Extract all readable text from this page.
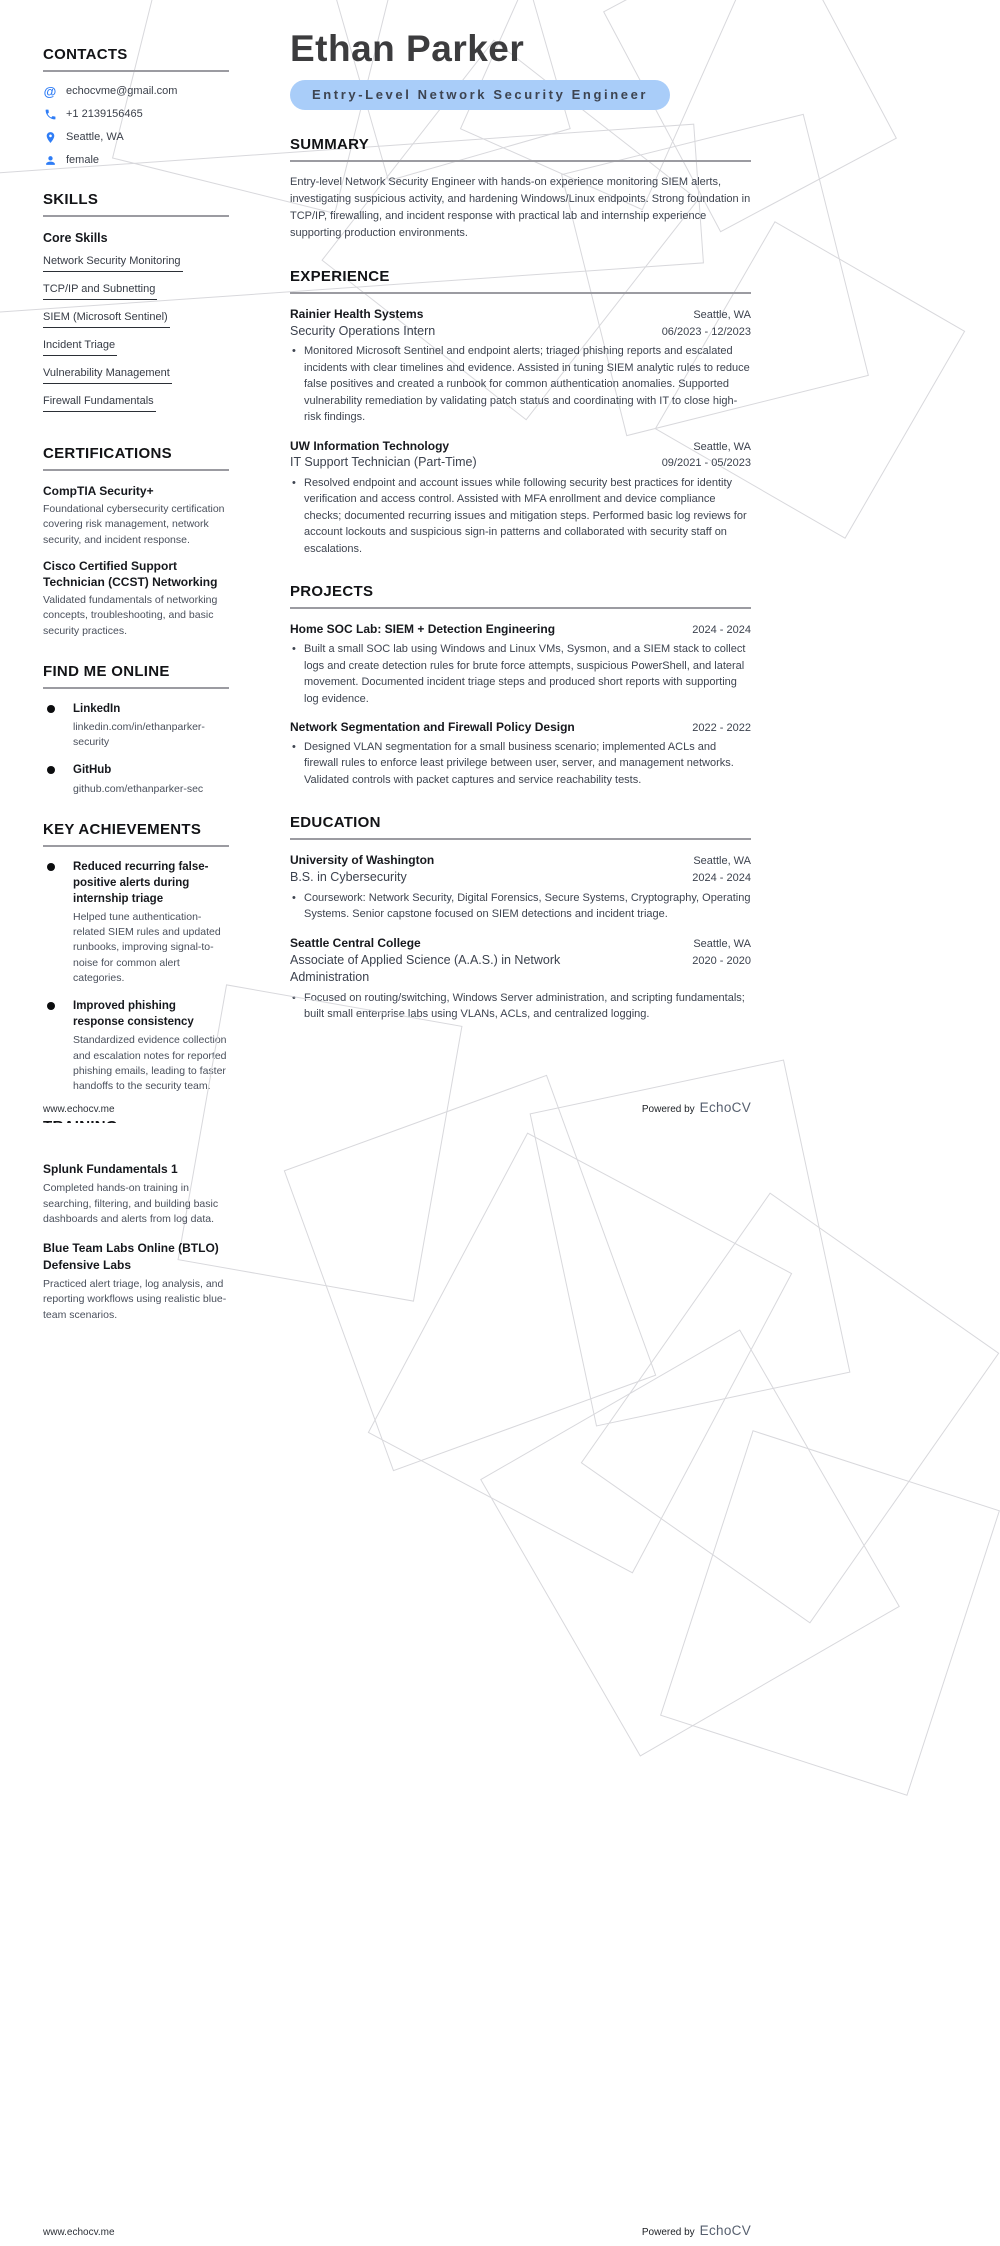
CONTACTS
@ echocvme@gmail.com
+1 2139156465
Seattle, WA
female
SKILLS
Core Skills
Network Security Monitoring
TCP/IP and Subnetting
SIEM (Microsoft Sentinel)
Incident Triage
Vulnerability Management
Firewall Fundamentals
CERTIFICATIONS
CompTIA Security+
Foundational cybersecurity certification covering risk management, network security, and incident response.
Cisco Certified Support Technician (CCST) Networking
Validated fundamentals of networking concepts, troubleshooting, and basic security practices.
FIND ME ONLINE
LinkedIn
linkedin.com/in/ethanparker-security
GitHub
github.com/ethanparker-sec
KEY ACHIEVEMENTS
Reduced recurring false-positive alerts during internship triage
Helped tune authentication-related SIEM rules and updated runbooks, improving signal-to-noise for common alert categories.
Improved phishing response consistency
Standardized evidence collection and escalation notes for reported phishing emails, leading to faster handoffs to the security team.
Ethan Parker
Entry-Level Network Security Engineer
SUMMARY

Entry-level Network Security Engineer with hands-on experience monitoring SIEM alerts, investigating suspicious activity, and hardening Windows/Linux endpoints. Strong foundation in TCP/IP, firewalling, and incident response with practical lab and internship experience supporting production environments.

EXPERIENCE
Rainier Health Systems	Seattle, WA
Security Operations Intern	06/2023 - 12/2023
• Monitored Microsoft Sentinel and endpoint alerts; triaged phishing reports and escalated incidents with clear timelines and evidence. Assisted in tuning SIEM analytic rules to reduce false positives and created a runbook for common authentication anomalies. Supported vulnerability remediation by validating patch status and coordinating with IT to close high-risk findings.
UW Information Technology	Seattle, WA
IT Support Technician (Part-Time)	09/2021 - 05/2023
• Resolved endpoint and account issues while following security best practices for identity verification and access control. Assisted with MFA enrollment and device compliance checks; documented recurring issues and mitigation steps. Performed basic log reviews for account lockouts and suspicious sign-in patterns and collaborated with security staff on escalations.
PROJECTS
Home SOC Lab: SIEM + Detection Engineering	2024 - 2024
• Built a small SOC lab using Windows and Linux VMs, Sysmon, and a SIEM stack to collect logs and create detection rules for brute force attempts, suspicious PowerShell, and lateral movement. Documented incident triage steps and produced short reports with supporting log evidence.
Network Segmentation and Firewall Policy Design	2022 - 2022
• Designed VLAN segmentation for a small business scenario; implemented ACLs and firewall rules to enforce least privilege between user, server, and management networks. Validated controls with packet captures and service reachability tests.
EDUCATION
University of Washington	Seattle, WA
B.S. in Cybersecurity	2024 - 2024
• Coursework: Network Security, Digital Forensics, Secure Systems, Cryptography, Operating Systems. Senior capstone focused on SIEM detections and incident triage.
Seattle Central College	Seattle, WA
Associate of Applied Science (A.A.S.) in Network Administration
2020 - 2020
• Focused on routing/switching, Windows Server administration, and scripting fundamentals; built small enterprise labs using VLANs, ACLs, and centralized logging.
www.echocv.me	Powered by EchoCV
Splunk Fundamentals 1
Completed hands-on training in searching, filtering, and building basic dashboards and alerts from log data.
Blue Team Labs Online (BTLO) Defensive Labs
Practiced alert triage, log analysis, and reporting workflows using realistic blue-team scenarios.
www.echocv.me	Powered by EchoCV
